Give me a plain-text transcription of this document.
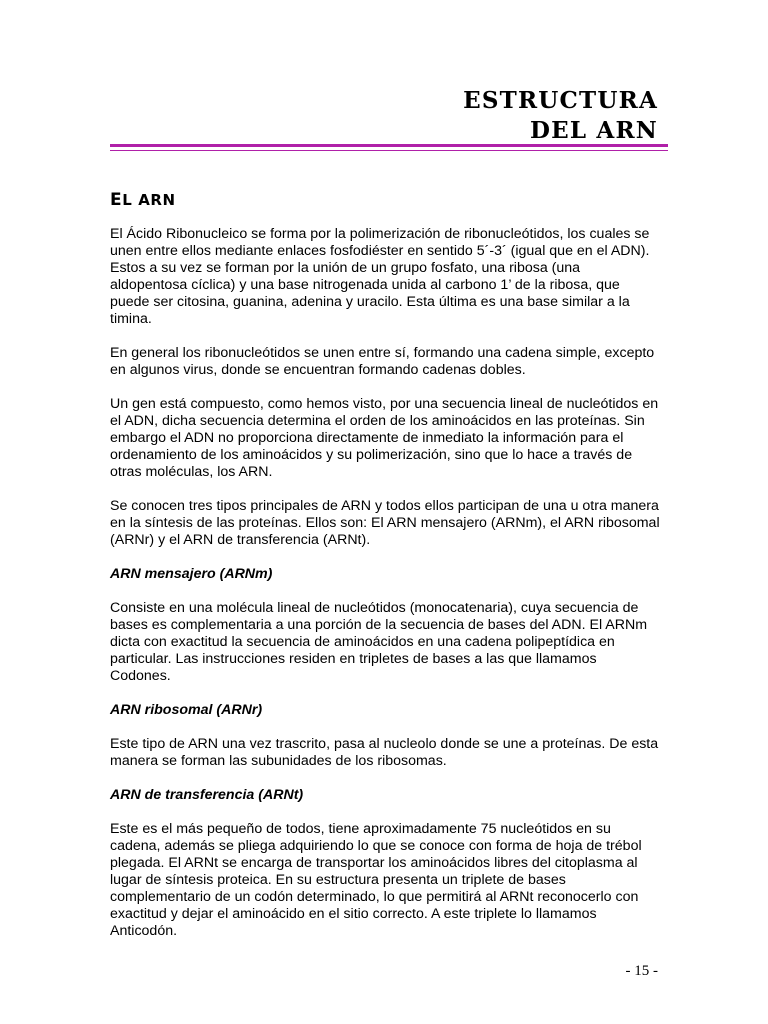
ESTRUCTURA
DEL ARN
EL ARN

El Ácido Ribonucleico se forma por la polimerización de ribonucleótidos, los cuales se unen entre ellos mediante enlaces fosfodiéster en sentido 5´-3´ (igual que en el ADN). Estos a su vez se forman por la unión de un grupo fosfato, una ribosa (una aldopentosa cíclica) y una base nitrogenada unida al carbono 1’ de la ribosa, que puede ser citosina, guanina, adenina y uracilo. Esta última es una base similar a la timina.

En general los ribonucleótidos se unen entre sí, formando una cadena simple, excepto en algunos virus, donde se encuentran formando cadenas dobles.

Un gen está compuesto, como hemos visto, por una secuencia lineal de nucleótidos en el ADN, dicha secuencia determina el orden de los aminoácidos en las proteínas. Sin embargo el ADN no proporciona directamente de inmediato la información para el ordenamiento de los aminoácidos y su polimerización, sino que lo hace a través de otras moléculas, los ARN.

Se conocen tres tipos principales de ARN y todos ellos participan de una u otra manera en la síntesis de las proteínas. Ellos son: El ARN mensajero (ARNm), el ARN ribosomal (ARNr) y el ARN de transferencia (ARNt).

ARN mensajero (ARNm)

Consiste en una molécula lineal de nucleótidos (monocatenaria), cuya secuencia de bases es complementaria a una porción de la secuencia de bases del ADN. El ARNm dicta con exactitud la secuencia de aminoácidos en una cadena polipeptídica en particular. Las instrucciones residen en tripletes de bases a las que llamamos Codones.

ARN ribosomal (ARNr)

Este tipo de ARN una vez trascrito, pasa al nucleolo donde se une a proteínas. De esta manera se forman las subunidades de los ribosomas.

ARN de transferencia (ARNt)

Este es el más pequeño de todos, tiene aproximadamente 75 nucleótidos en su cadena, además se pliega adquiriendo lo que se conoce con forma de hoja de trébol plegada. El ARNt se encarga de transportar los aminoácidos libres del citoplasma al lugar de síntesis proteica. En su estructura presenta un triplete de bases complementario de un codón determinado, lo que permitirá al ARNt reconocerlo con exactitud y dejar el aminoácido en el sitio correcto. A este triplete lo llamamos Anticodón.

- 15 -
